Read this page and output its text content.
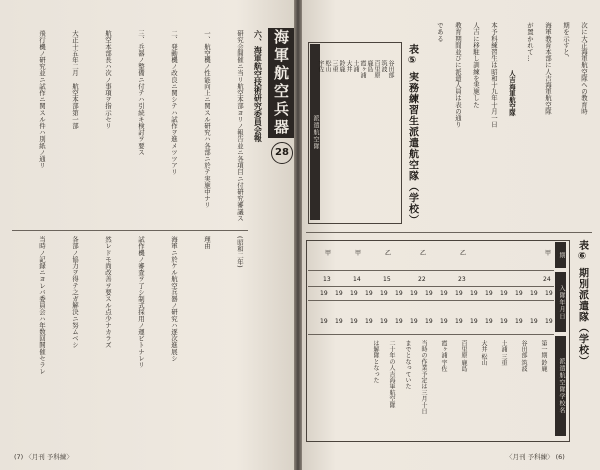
海軍航空兵器
28
六、海軍航空技術研究委員会報
研究会開催ニ当リ航空本部ヨリノ報告並ニ各項目ニ付研究審議ス
一、航空機ノ性能向上ニ関スル研究ハ各部ニ於テ実施中ナリ
二、発動機ノ改良ニ関シテハ試作ヲ進メツツアリ
三、兵器ノ整備ニ付テハ引続キ検討ヲ要ス
航空本部長ハ次ノ事項ヲ指示セリ
大正十五年二月　航空本部第一部
飛行機ノ研究並ニ試作ニ関スル件ハ別紙ノ通リ
(昭和二年)
理由
海軍ニ於ケル航空兵器ノ研究ハ逐次進展シ
試作機ノ審査ヲ了シ制式採用ノ運ビトナレリ
然レドモ尚改善ヲ要スル点少ナカラズ
各部ノ協力ヲ得テ之ガ解決ニ努ムベシ
当時ノ記録ニヨレバ委員会ハ年数回開催セラレ
(7) 〈月刊 予科練〉
次に大正海軍航空隊への教育時
期を示すと、
海軍教育本部に人吉海軍航空隊
が置かれて…
人吉海軍航空隊
本予科練習生は昭和十九年十月一日
人吉に移駐し訓練を実施した
教育期間並びに派遣人員は表の通り
である
表⑤ 実務練習生派遣航空隊（学校）
派遣航空隊
谷田部
筑波
百里原
鹿島
霞ヶ浦
土浦
大井
鈴鹿
三重
松山
宇佐
表⑥ 期別派遣隊（学校）
期
入隊年月日
派遣航空隊学校名
甲
乙
乙
乙
甲
甲
24
23
22
15
14
13
19
19
19
19
19
19
19
19
19
19
19
19
19
19
19
19
19
19
19
19
19
19
19
19
19
19
19
19
19
19
19
19
第一期 鈴鹿
谷田部 筑波
土浦 三重
大井 松山
百里原 鹿島
霞ヶ浦 宇佐
当時の作業予定は三月十日
までとなっていた
二十年の人吉海軍航空隊
は解隊となった
〈月刊 予科練〉 (6)
